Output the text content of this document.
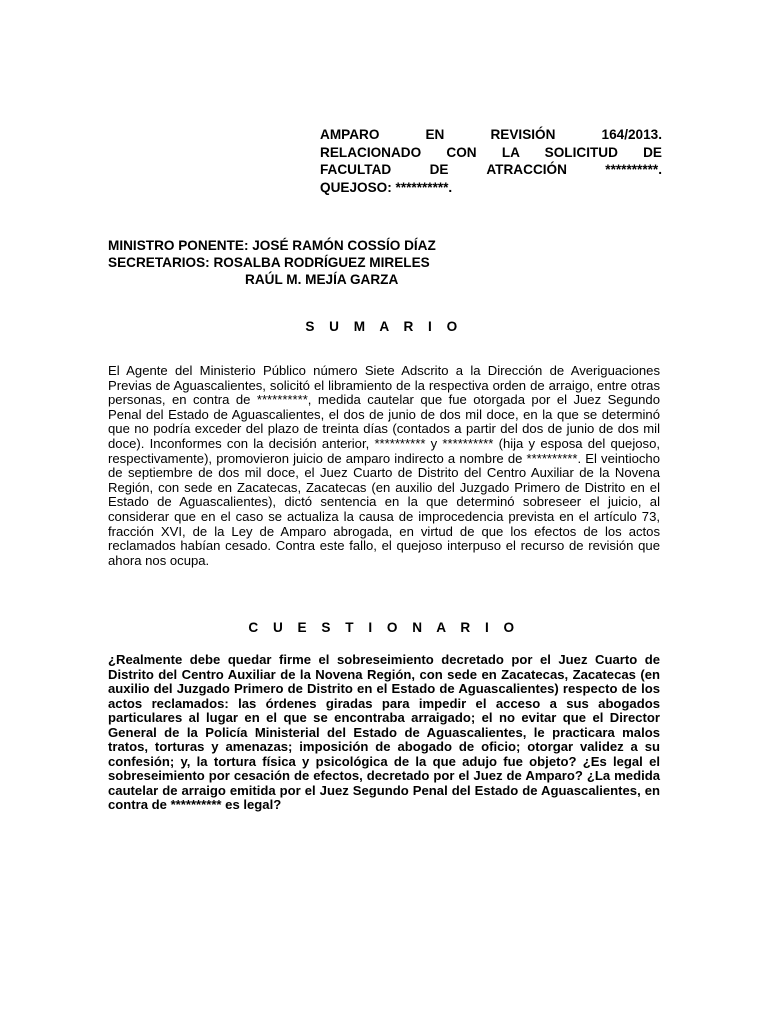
AMPARO EN REVISIÓN 164/2013.
RELACIONADO CON LA SOLICITUD DE
FACULTAD DE ATRACCIÓN **********.
QUEJOSO: **********.
MINISTRO PONENTE: JOSÉ RAMÓN COSSÍO DÍAZ
SECRETARIOS: ROSALBA RODRÍGUEZ MIRELES
RAÚL M. MEJÍA GARZA
S U M A R I O

El Agente del Ministerio Público número Siete Adscrito a la Dirección de Averiguaciones Previas de Aguascalientes, solicitó el libramiento de la respectiva orden de arraigo, entre otras personas, en contra de **********, medida cautelar que fue otorgada por el Juez Segundo Penal del Estado de Aguascalientes, el dos de junio de dos mil doce, en la que se determinó que no podría exceder del plazo de treinta días (contados a partir del dos de junio de dos mil doce). Inconformes con la decisión anterior, ********** y ********** (hija y esposa del quejoso, respectivamente), promovieron juicio de amparo indirecto a nombre de **********. El veintiocho de septiembre de dos mil doce, el Juez Cuarto de Distrito del Centro Auxiliar de la Novena Región, con sede en Zacatecas, Zacatecas (en auxilio del Juzgado Primero de Distrito en el Estado de Aguascalientes), dictó sentencia en la que determinó sobreseer el juicio, al considerar que en el caso se actualiza la causa de improcedencia prevista en el artículo 73, fracción XVI, de la Ley de Amparo abrogada, en virtud de que los efectos de los actos reclamados habían cesado. Contra este fallo, el quejoso interpuso el recurso de revisión que ahora nos ocupa.

C U E S T I O N A R I O

¿Realmente debe quedar firme el sobreseimiento decretado por el Juez Cuarto de Distrito del Centro Auxiliar de la Novena Región, con sede en Zacatecas, Zacatecas (en auxilio del Juzgado Primero de Distrito en el Estado de Aguascalientes) respecto de los actos reclamados: las órdenes giradas para impedir el acceso a sus abogados particulares al lugar en el que se encontraba arraigado; el no evitar que el Director General de la Policía Ministerial del Estado de Aguascalientes, le practicara malos tratos, torturas y amenazas; imposición de abogado de oficio; otorgar validez a su confesión; y, la tortura física y psicológica de la que adujo fue objeto? ¿Es legal el sobreseimiento por cesación de efectos, decretado por el Juez de Amparo? ¿La medida cautelar de arraigo emitida por el Juez Segundo Penal del Estado de Aguascalientes, en contra de ********** es legal?
